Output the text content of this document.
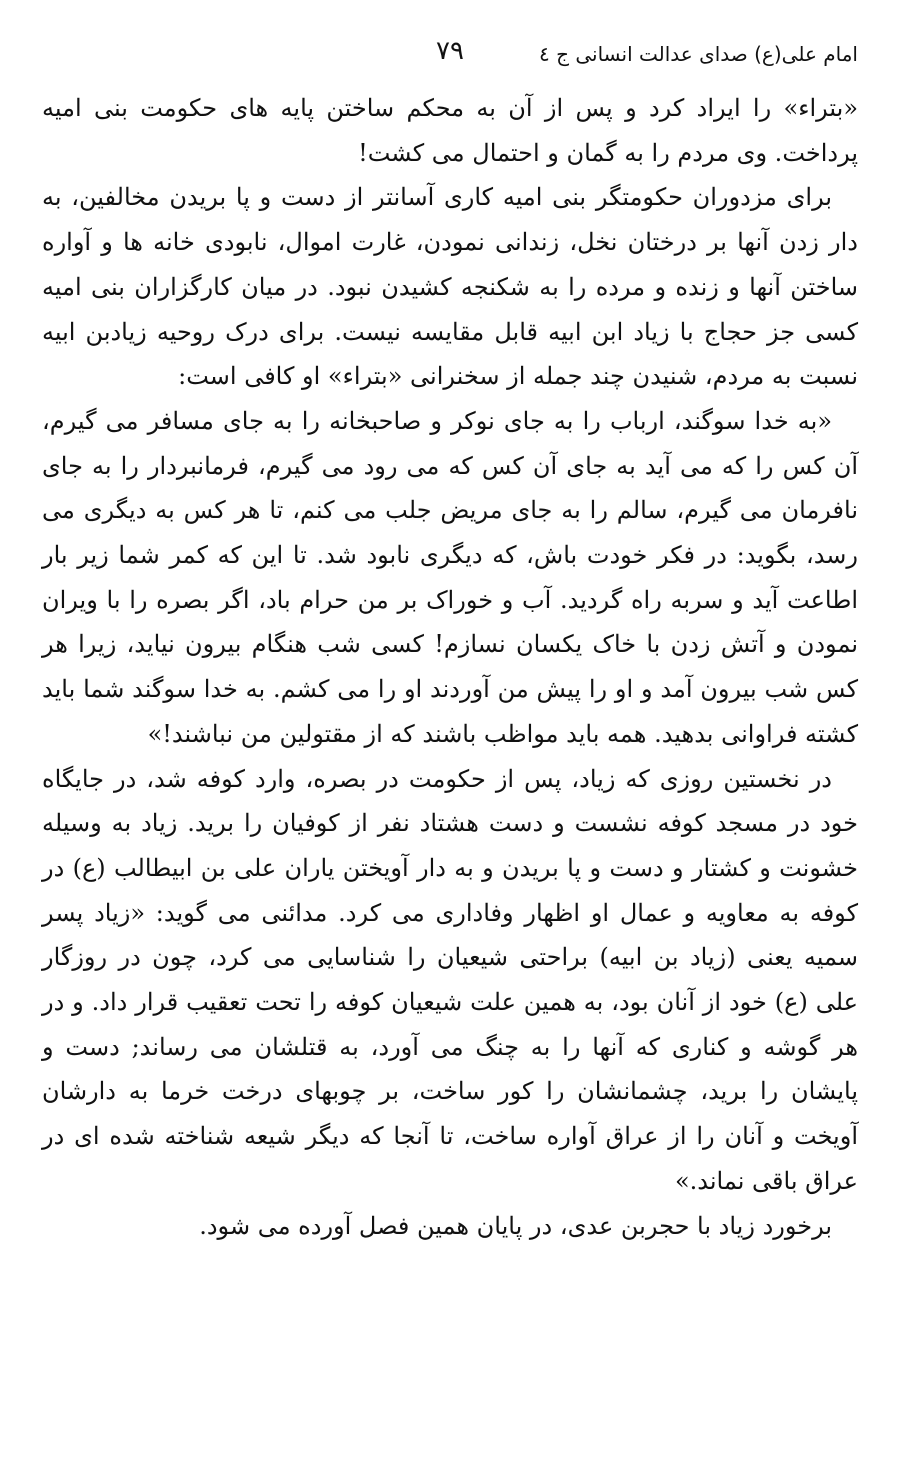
امام علی(ع) صدای عدالت انسانی ج ٤
٧٩

«بتراء» را ایراد کرد و پس از آن به محکم ساختن پایه های حکومت بنی امیه پرداخت. وی مردم را به گمان و احتمال می کشت!

برای مزدوران حکومتگر بنی امیه کاری آسانتر از دست و پا بریدن مخالفین، به دار زدن آنها بر درختان نخل، زندانی نمودن، غارت اموال، نابودی خانه ها و آواره ساختن آنها و زنده و مرده را به شکنجه کشیدن نبود. در میان کارگزاران بنی امیه کسی جز حجاج با زیاد ابن ابیه قابل مقایسه نیست. برای درک روحیه زیادبن ابیه نسبت به مردم، شنیدن چند جمله از سخنرانی «بتراء» او کافی است:

«به خدا سوگند، ارباب را به جای نوکر و صاحبخانه را به جای مسافر می گیرم، آن کس را که می آید به جای آن کس که می رود می گیرم، فرمانبردار را به جای نافرمان می گیرم، سالم را به جای مریض جلب می کنم، تا هر کس به دیگری می رسد، بگوید: در فکر خودت باش، که دیگری نابود شد. تا این که کمر شما زیر بار اطاعت آید و سربه راه گردید. آب و خوراک بر من حرام باد، اگر بصره را با ویران نمودن و آتش زدن با خاک یکسان نسازم! کسی شب هنگام بیرون نیاید، زیرا هر کس شب بیرون آمد و او را پیش من آوردند او را می کشم. به خدا سوگند شما باید کشته فراوانی بدهید. همه باید مواظب باشند که از مقتولین من نباشند!»

در نخستین روزی که زیاد، پس از حکومت در بصره، وارد کوفه شد، در جایگاه خود در مسجد کوفه نشست و دست هشتاد نفر از کوفیان را برید. زیاد به وسیله خشونت و کشتار و دست و پا بریدن و به دار آویختن یاران علی بن ابیطالب (ع) در کوفه به معاویه و عمال او اظهار وفاداری می کرد. مدائنی می گوید: «زیاد پسر سمیه یعنی (زیاد بن ابیه) براحتی شیعیان را شناسایی می کرد، چون در روزگار علی (ع) خود از آنان بود، به همین علت شیعیان کوفه را تحت تعقیب قرار داد. و در هر گوشه و کناری که آنها را به چنگ می آورد، به قتلشان می رساند; دست و پایشان را برید، چشمانشان را کور ساخت، بر چوبهای درخت خرما به دارشان آویخت و آنان را از عراق آواره ساخت، تا آنجا که دیگر شیعه شناخته شده ای در عراق باقی نماند.»

برخورد زیاد با حجربن عدی، در پایان همین فصل آورده می شود.
